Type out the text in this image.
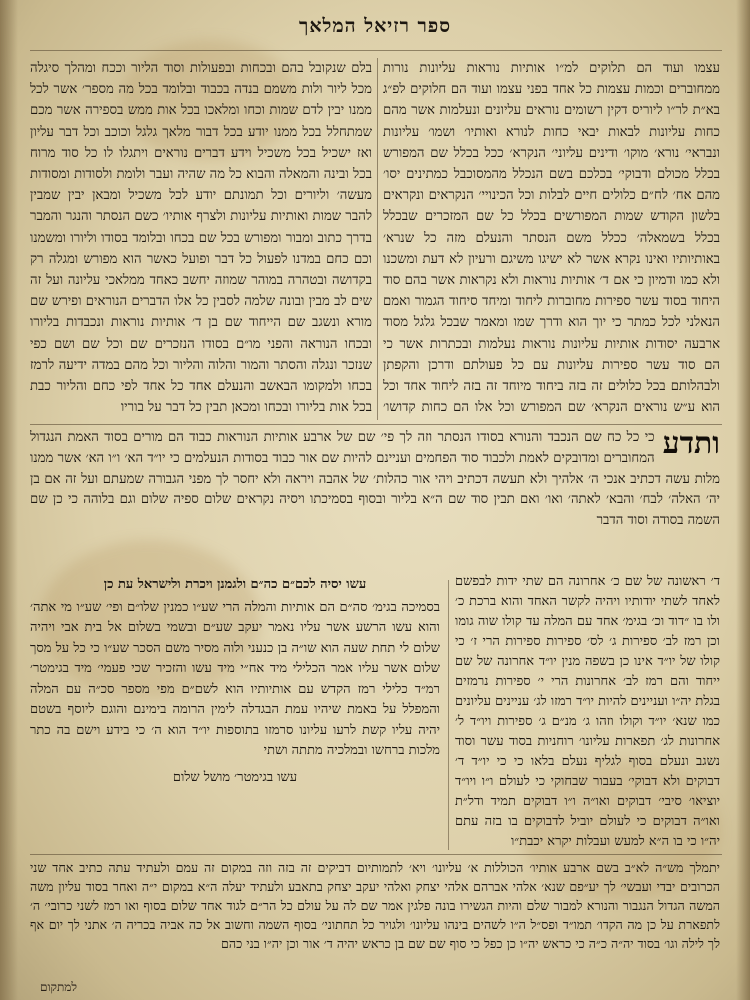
ספר רזיאל המלאך

עצמו ועוד הם תלוקים למ״ו אותיות נוראות עליונות נורות ממחוברים וכמות עצמות כל אחד בפני עצמו ועוד הם חלוקים לפ״ג בא״ת לר״ו ליוריס דקין רשומים נוראים עליונים ונעלמות אשר מהם כחות עליונות לבאות יבאי כחות לנורא ואותיו׳ ושמו׳ עליונות ונבראי׳ נורא׳ מוקו׳ ודינים עליוני׳ הנקרא׳ ככל בכלל שם המפורש בכלל מכולם ודבוקי׳ בכלכם בשם הנכלל מהמסוכבל כמתינים יסו׳ מהם אח׳ לח״ם כלולים חיים לבלות וכל הכינויי׳ הנקראים ונקראים בלשון הקודש שמות המפורשים בכלל כל שם המזכרים שבכלל בכלל בשמאלה׳ ככלל משם הנסתר והנעלם מזה כל שנרא׳ באותיותיו ואינו נקרא אשר לא ישיגו משיגם ורעיון לא דעת ומשכנו ולא כמו ודמיון כי אם ד׳ אותיות נוראות ולא נקראות אשר בהם סוד היחוד בסוד עשר ספירות מחוברות ליחוד ומיחד סיחוד הגמור ואמם הנאלני לכל כמתר כי יוך הוא ודרך שמו ומאמר שבכל גלגל מסוד ארבעה יסודות אותיות עליונות נוראות נעלמות ובכתרות אשר כי הם סוד עשר ספירות עליונות עם כל פעולתם ודרכן והקפתן ולבהלותם בכל כלולים זה בזה ביחוד מיוחד זה בזה ליחוד אחד וכל הוא ע״ש נוראים הנקרא׳ שם המפורש וכל אלו הם כחות קדושו׳

בלם שנקובל בהם ובכחות ובפעולות וסוד הליור וככח ומהלך סיגלה מכל ליור ולות משמם בנדה בכבוד ובלומד בכל מה מספר׳ אשר לכל ממנו יבין לדם שמות וכחו ומלאכו בכל אות ממש בספירה אשר מכם שמתחלל בכל ממנו יודע בכל דבור מלאך גלגל וכוכב וכל דבר עליון ואז ישכיל בכל משכיל וידע דברים נוראים ויתגלו לו כל סוד מרוח בכל ובינה והמאלה והבוא כל מה שהיה ועבר ולומת ולסודות ומסודות מעשה׳ וליורים וכל תמונתם יודע לכל משכיל ומבאן יבין שמבין להבר שמות ואותיות עליונות ולצרף אותיו׳ כשם הנסתר והנגר והמבר בדרך כתוב ומבור ומפורש בכל שם בכחו ובלומד בסודו וליורו ומשמנו וכם כחם במדנו לפעול כל דבר ופועל כאשר הוא מפורש ומגלה רק בקדושה ובטהרה במוהר שמוזה יחשב כאחד ממלאכי עליונה ועל זה שים לב מבין ובונה שלמה לסבין כל אלו הדברים הנוראים ופירש שם מורא ונשגב שם הייחוד שם בן ד׳ אותיות נוראות ונכבדות בליורו ובכחו הנוראה והפני מו״ם בסודו הנזכרים שם וכל שם ושם כפי שנזכר ונגלה והסתר והמור והלוה והליור וכל מהם במדה ידיעה לרמז בכחו ולמקומו הבאשב והנעלם אחד כל אחד לפי כחם והליור כבת בכל אות בליורו ובכחו ומכאן תבין כל דבר על בוריו

ותדע
כי כל כח שם הנכבד והנורא בסודו הנסתר וזה לך פי׳ שם של ארבע אותיות הנוראות כבוד הם מורים בסוד האמת הנגדול המחוברים ומדובקים לאמת ולכבוד סוד הפחמים ועניינם להיות שם אור כבוד בסודות הנעלמים כי יו״ד הא׳ ו״ו הא׳ אשר ממנו מלות עשה דכתיב אנכי ה׳ אלהיך ולא תעשה דכתיב ויהי אור כהלות׳ של אהבה ויראה ולא יחסר לך מפני הגבורה שמעתם ועל זה אם בן יה׳ האלה׳ לבח׳ והבא׳ לאתה׳ ואו׳ ואם תבין סוד שם ה״א בליור ובסוף בסמיכתו ויסיה נקראים שלום ספיה שלום וגם בלוהה כי כן שם השמה בסודה וסוד הדבר
ד׳ ראשונה של שם כ׳ אחרונה הם שתי ידות לבפשם לאחד לשתי יודותיו ויהיה לקשר האחד והוא ברכת כ׳ ולו בו ״דוד וכ׳ בגימ׳ אחד עם המלה עד קולו שוה גומו וכן רמז לב׳ ספירות ג׳ לס׳ ספירות ספירות הרי ז׳ כי קולו של יו״ד אינו כן בשפה מנין יו״ד אחרונה של שם ייחוד והם רמז לב׳ אחרונות הרי י׳ ספירות נרמזים בגלת יה״ו ועניינים להיות יו״ד רמזו לג׳ עניינים עליונים כמו שנא׳ יו״ד וקולו וזהו ג׳ מנ״ם ג׳ ספירות ויו״ד ל׳ אחרונות לג׳ תפארות עליונו׳ רוחניות בסוד עשר וסוד נשגב ונעלם בסוף לגליף נעלם בלאו כי כי יו״ד ד׳ דבוקים ולא דבוקי׳ בעבור שבחוקי כי לעולם ו״ו ויו״ד יוציאו׳ סיבי׳ דבוקים ואו״ה ו״ו דבוקים תמיד ודל״ת ואו״ה דבוקים כי לעולם יוביל לדבוקים בו בזה עתם יה״ו כי בו ה״א למעש ועבלות יקרא יכבת״ו
עשו יסיה לכם״ם כה״ם ולגמנן ויכרת ולישראל עת כן
בסמיכה בגימ׳ סה״ם הם אותיות והמלה הרי שע״ו כמנין שלו״ם ופי׳ שע״ו מי אתה׳ והוא עשו הרשע אשר עליו נאמר יעקב שע״ם ובשמי בשלום אל בית אבי ויהיה שלום לי תחת שעה הוא שו״ה בן כנעני ולוה מסיר משם הסכר שע״ו כי כל על מסך שלום אשר עליו אמר הכלילי מיד אח״י מיד עשו והזכיר שכי פעמי׳ מיד בגימטר׳ רמ״ד כלילי רמז הקדש עם אותיותיו הוא לשם״ם מפי מספר סכ״ה עם המלה והמפלל על באמת שיהיו עמת הבגדלה לימין הרומה בימינם והוגם ליוסף בשטם יהיה עליו קשת לרעו עליונו סרמזו בתוספות יו״ד הוא ה׳ כי בידע וישם בה כתר מלכות ברחשו ובמלכיה מתתה ושתי
עשו בגימטר׳ מושל שלום
יתמלך מש״ה לא״ב בשם ארבע אותיו׳ הכוללות א׳ עליונו׳ ויא׳ לתמותיום דביקים זה בזה וזה במקום זה עמם ולעתיד עתה כתיב אחד שני הכרובים יבדי ועבשי׳ לך יע״פם שנא׳ אלהי אברהם אלהי יצחק ואלהי יעקב יצחק בתאבע ולעתיד יעלה ה״א במקום י״ה ואחר בסוד עליון משה המשה הגדול הנגבור והנורא למבור שלם והיות הגשירו בונה פלגין אמר שם לה על עולם כל הר״ם לגוד אחד שלום בסוף ואו רמז לשני כרובי׳ ה׳ לתפארת על כן מה הקדו׳ תמו״ד ופס״ל ה״ו לשהים בינהו עליונו׳ ולגויר כל תחתוני׳ בסוף השמה וחשוב אל כה אביה בכריה ה׳ אתני לך יום אף לך לילה וגו׳ בסוד יה״ה כ״ה כי כראש יה״ו כן כפל כי סוף שם שם בן כראש יהיה ד׳ אור וכן יה״ו בני כהם
למתקום
